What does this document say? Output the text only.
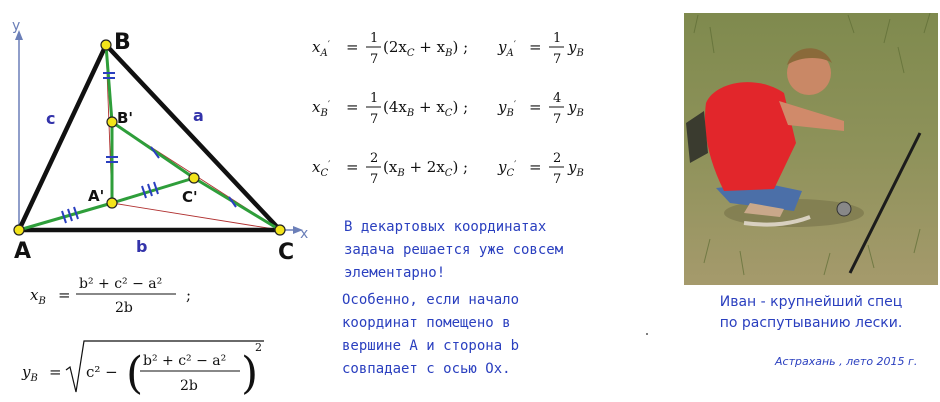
y
x
B
A	C
B'
A'	C'
c	a
b
$x_A' = 1$
7
$(2x_C + x_B)$ ; $y_A' = 1$
7
$y_B$
$x_B' = 1$
7
$(4x_B + x_C)$ ; $y_B' = 4$
7
$y_B$
$x_C' = 2$
7
$(x_B + 2x_C)$ ; $y_C' = 2$
7
$y_B$
$x_B$ =
b² + c² − a²
2b
;
$y_B = c^2$ − ( b² + c² − a²
2b )
2
В декартовых координатах
задача решается уже совсем
элементарно!
Особенно, если начало
координат помещено в
вершине A и сторона b
совпадает с осью Ox.
Иван - крупнейший спец
по распутыванию лески.
Астрахань , лето 2015 г.
